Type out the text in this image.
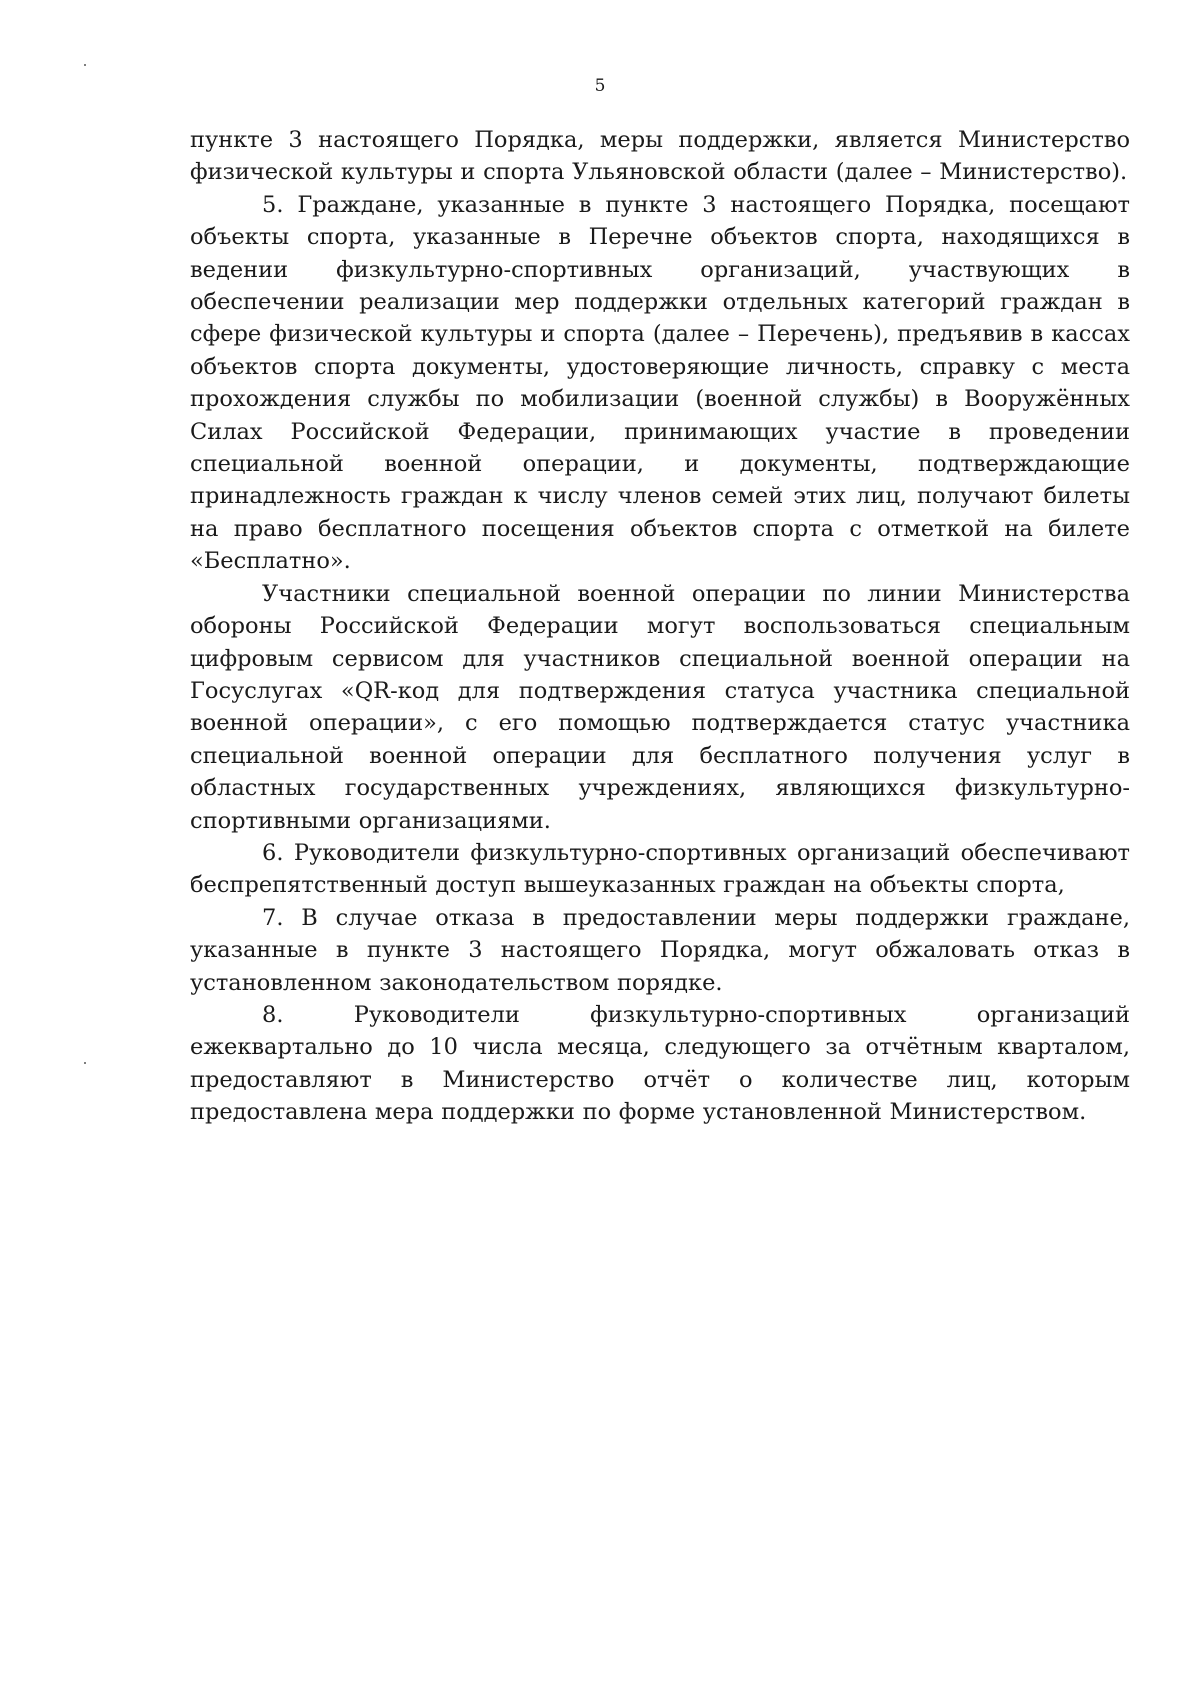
5

пункте 3 настоящего Порядка, меры поддержки, является Министерство физической культуры и спорта Ульяновской области (далее – Министерство).

5. Граждане, указанные в пункте 3 настоящего Порядка, посещают объекты спорта, указанные в Перечне объектов спорта, находящихся в ведении физкультурно-спортивных организаций, участвующих в обеспечении реализации мер поддержки отдельных категорий граждан в сфере физической культуры и спорта (далее – Перечень), предъявив в кассах объектов спорта документы, удостоверяющие личность, справку с места прохождения службы по мобилизации (военной службы) в Вооружённых Силах Российской Федерации, принимающих участие в проведении специальной военной операции, и документы, подтверждающие принадлежность граждан к числу членов семей этих лиц, получают билеты на право бесплатного посещения объектов спорта с отметкой на билете «Бесплатно».

Участники специальной военной операции по линии Министерства обороны Российской Федерации могут воспользоваться специальным цифровым сервисом для участников специальной военной операции на Госуслугах «QR-код для подтверждения статуса участника специальной военной операции», с его помощью подтверждается статус участника специальной военной операции для бесплатного получения услуг в областных государственных учреждениях, являющихся физкультурно-спортивными организациями.

6. Руководители физкультурно-спортивных организаций обеспечивают беспрепятственный доступ вышеуказанных граждан на объекты спорта,

7. В случае отказа в предоставлении меры поддержки граждане, указанные в пункте 3 настоящего Порядка, могут обжаловать отказ в установленном законодательством порядке.

8. Руководители физкультурно-спортивных организаций ежеквартально до 10 числа месяца, следующего за отчётным кварталом, предоставляют в Министерство отчёт о количестве лиц, которым предоставлена мера поддержки по форме установленной Министерством.
